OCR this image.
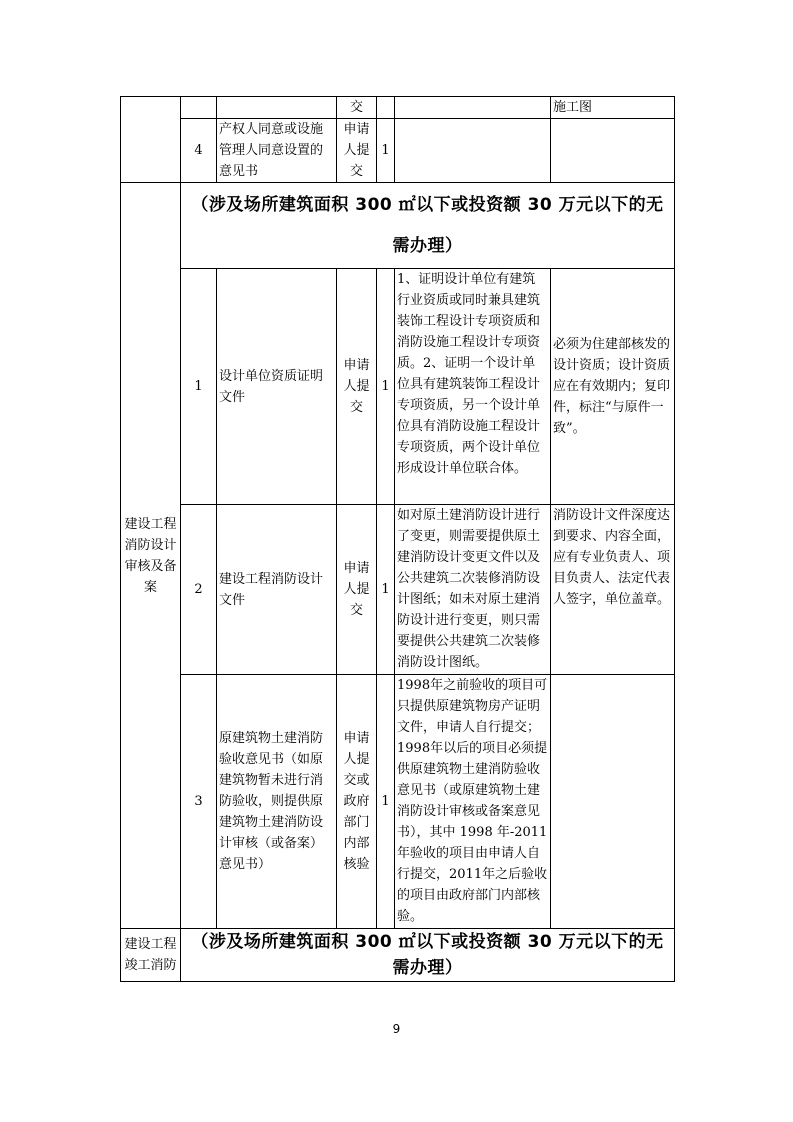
			交			施工图
	4	产权人同意或设施管理人同意设置的意见书	申请人提交	1		
建设工程消防设计审核及备案	（涉及场所建筑面积 300 ㎡以下或投资额 30 万元以下的无需办理）					

	1	设计单位资质证明文件	申请人提交	1	1、证明设计单位有建筑行业资质或同时兼具建筑装饰工程设计专项资质和消防设施工程设计专项资质。2、证明一个设计单位具有建筑装饰工程设计专项资质，另一个设计单位具有消防设施工程设计专项资质，两个设计单位形成设计单位联合体。	必须为住建部核发的设计资质；设计资质应在有效期内；复印件，标注“与原件一致”。
	2	建设工程消防设计文件	申请人提交	1	如对原土建消防设计进行了变更，则需要提供原土建消防设计变更文件以及公共建筑二次装修消防设计图纸；如未对原土建消防设计进行变更，则只需要提供公共建筑二次装修消防设计图纸。	消防设计文件深度达到要求、内容全面，应有专业负责人、项目负责人、法定代表人签字，单位盖章。
	3	原建筑物土建消防验收意见书（如原建筑物暂未进行消防验收，则提供原建筑物土建消防设计审核（或备案）意见书）	申请人提交或政府部门内部核验	1	1998年之前验收的项目可只提供原建筑物房产证明文件，申请人自行提交；1998年以后的项目必须提供原建筑物土建消防验收意见书（或原建筑物土建消防设计审核或备案意见书），其中 1998 年-2011年验收的项目由申请人自行提交，2011年之后验收的项目由政府部门内部核验。	
建设工程竣工消防	（涉及场所建筑面积 300 ㎡以下或投资额 30 万元以下的无需办理）					
9
